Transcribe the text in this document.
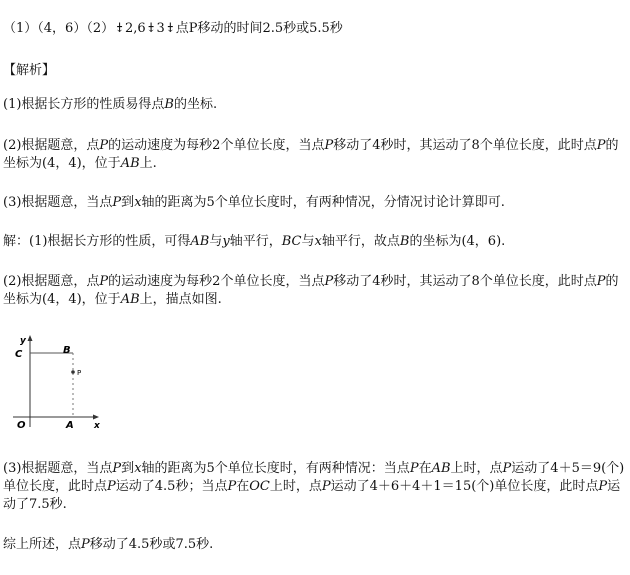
（1）（4，6）（2）⤈2,6⤈3⤈点P移动的时间2.5秒或5.5秒
【解析】
(1)根据长方形的性质易得点B的坐标.
(2)根据题意，点P的运动速度为每秒2个单位长度，当点P移动了4秒时，其运动了8个单位长度，此时点P的坐标为(4，4)，位于AB上.
(3)根据题意，当点P到x轴的距离为5个单位长度时，有两种情况，分情况讨论计算即可.
解：(1)根据长方形的性质，可得AB与y轴平行，BC与x轴平行，故点B的坐标为(4，6).
(2)根据题意，点P的运动速度为每秒2个单位长度，当点P移动了4秒时，其运动了8个单位长度，此时点P的坐标为(4，4)，位于AB上，描点如图.
y
C	B
P
O	A x
(3)根据题意，当点P到x轴的距离为5个单位长度时，有两种情况：当点P在AB上时，点P运动了4＋5＝9(个)单位长度，此时点P运动了4.5秒；当点P在OC上时，点P运动了4＋6＋4＋1＝15(个)单位长度，此时点P运动了7.5秒.
综上所述，点P移动了4.5秒或7.5秒.
